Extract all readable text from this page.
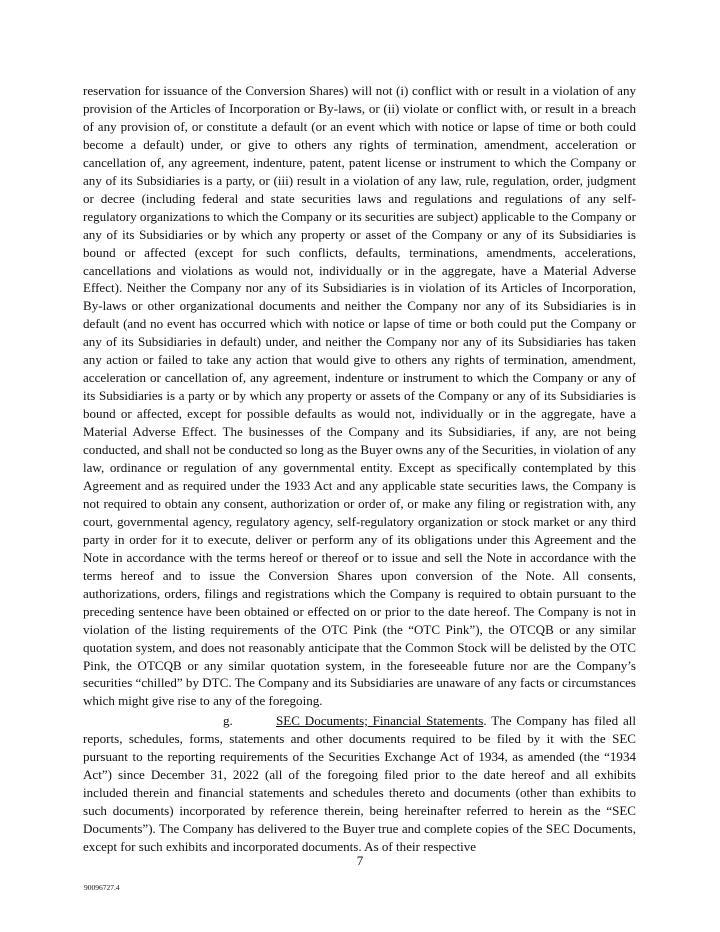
reservation for issuance of the Conversion Shares) will not (i) conflict with or result in a violation of any provision of the Articles of Incorporation or By-laws, or (ii) violate or conflict with, or result in a breach of any provision of, or constitute a default (or an event which with notice or lapse of time or both could become a default) under, or give to others any rights of termination, amendment, acceleration or cancellation of, any agreement, indenture, patent, patent license or instrument to which the Company or any of its Subsidiaries is a party, or (iii) result in a violation of any law, rule, regulation, order, judgment or decree (including federal and state securities laws and regulations and regulations of any self-regulatory organizations to which the Company or its securities are subject) applicable to the Company or any of its Subsidiaries or by which any property or asset of the Company or any of its Subsidiaries is bound or affected (except for such conflicts, defaults, terminations, amendments, accelerations, cancellations and violations as would not, individually or in the aggregate, have a Material Adverse Effect). Neither the Company nor any of its Subsidiaries is in violation of its Articles of Incorporation, By-laws or other organizational documents and neither the Company nor any of its Subsidiaries is in default (and no event has occurred which with notice or lapse of time or both could put the Company or any of its Subsidiaries in default) under, and neither the Company nor any of its Subsidiaries has taken any action or failed to take any action that would give to others any rights of termination, amendment, acceleration or cancellation of, any agreement, indenture or instrument to which the Company or any of its Subsidiaries is a party or by which any property or assets of the Company or any of its Subsidiaries is bound or affected, except for possible defaults as would not, individually or in the aggregate, have a Material Adverse Effect. The businesses of the Company and its Subsidiaries, if any, are not being conducted, and shall not be conducted so long as the Buyer owns any of the Securities, in violation of any law, ordinance or regulation of any governmental entity. Except as specifically contemplated by this Agreement and as required under the 1933 Act and any applicable state securities laws, the Company is not required to obtain any consent, authorization or order of, or make any filing or registration with, any court, governmental agency, regulatory agency, self-regulatory organization or stock market or any third party in order for it to execute, deliver or perform any of its obligations under this Agreement and the Note in accordance with the terms hereof or thereof or to issue and sell the Note in accordance with the terms hereof and to issue the Conversion Shares upon conversion of the Note. All consents, authorizations, orders, filings and registrations which the Company is required to obtain pursuant to the preceding sentence have been obtained or effected on or prior to the date hereof. The Company is not in violation of the listing requirements of the OTC Pink (the “OTC Pink”), the OTCQB or any similar quotation system, and does not reasonably anticipate that the Common Stock will be delisted by the OTC Pink, the OTCQB or any similar quotation system, in the foreseeable future nor are the Company’s securities “chilled” by DTC. The Company and its Subsidiaries are unaware of any facts or circumstances which might give rise to any of the foregoing.

g.	SEC Documents; Financial Statements. The Company has filed all reports, schedules, forms, statements and other documents required to be filed by it with the SEC pursuant to the reporting requirements of the Securities Exchange Act of 1934, as amended (the “1934 Act”) since December 31, 2022 (all of the foregoing filed prior to the date hereof and all exhibits included therein and financial statements and schedules thereto and documents (other than exhibits to such documents) incorporated by reference therein, being hereinafter referred to herein as the “SEC Documents”). The Company has delivered to the Buyer true and complete copies of the SEC Documents, except for such exhibits and incorporated documents. As of their respective

7
90096727.4
